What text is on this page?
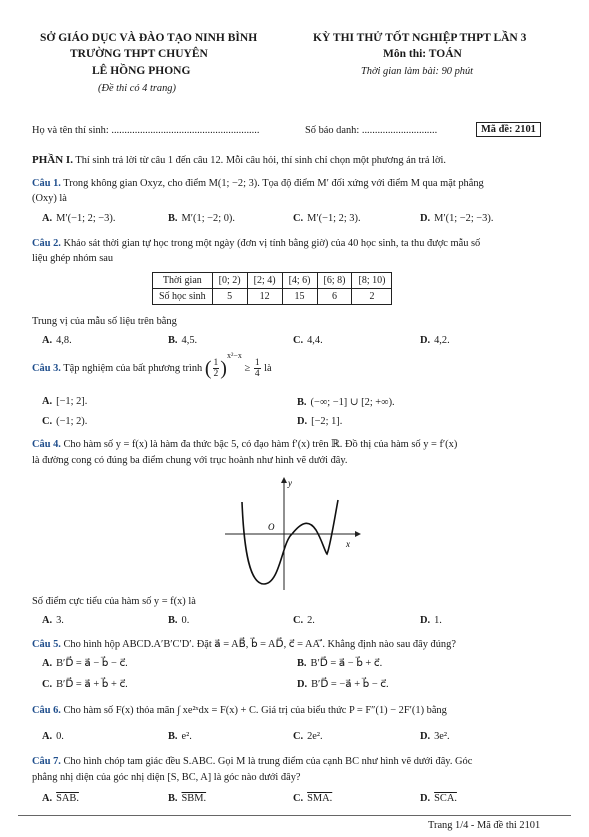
SỞ GIÁO DỤC VÀ ĐÀO TẠO NINH BÌNH
TRƯỜNG THPT CHUYÊN
LÊ HỒNG PHONG
(Đề thi có 4 trang)
KỲ THI THỬ TỐT NGHIỆP THPT LẦN 3
Môn thi: TOÁN
Thời gian làm bài: 90 phút
Họ và tên thí sinh: .........................................................	Số báo danh: .............................	Mã đề: 2101
PHẦN I. Thí sinh trả lời từ câu 1 đến câu 12. Mỗi câu hỏi, thí sinh chỉ chọn một phương án trả lời.
Câu 1. Trong không gian Oxyz, cho điểm M(1; −2; 3). Tọa độ điểm M′ đối xứng với điểm M qua mặt phẳng
(Oxy) là
A. M′(−1; 2; −3).	B. M′(1; −2; 0).	C. M′(−1; 2; 3).	D. M′(1; −2; −3).
Câu 2. Khảo sát thời gian tự học trong một ngày (đơn vị tính bằng giờ) của 40 học sinh, ta thu được mẫu số
liệu ghép nhóm sau
Thời gian	[0; 2)	[2; 4)	[4; 6)	[6; 8)	[8; 10)
Số học sinh	5	12	15	6	2
Trung vị của mẫu số liệu trên bằng
A. 4,8.	B. 4,5.	C. 4,4.	D. 4,2.
Câu 3. Tập nghiệm của bất phương trình ( $\frac{1}{2} )^{x^2-x} \ge \frac{1}{4}$ là
A. [−1; 2].	B. (−∞; −1] ∪ [2; +∞).
C. (−1; 2).	D. [−2; 1].
Câu 4. Cho hàm số y = f(x) là hàm đa thức bậc 5, có đạo hàm f′(x) trên ℝ. Đồ thị của hàm số y = f′(x)
là đường cong có đúng ba điểm chung với trục hoành như hình vẽ dưới đây.
y
x
O
Số điểm cực tiểu của hàm số y = f(x) là
A. 3.	B. 0.	C. 2.	D. 1.
Câu 5. Cho hình hộp ABCD.A′B′C′D′. Đặt a⃗ = AB⃗, b⃗ = AD⃗, c⃗ = AA′⃗. Khẳng định nào sau đây đúng?
A. B′D⃗ = a⃗ − b⃗ − c⃗.	B. B′D⃗ = a⃗ − b⃗ + c⃗.
C. B′D⃗ = a⃗ + b⃗ + c⃗.	D. B′D⃗ = −a⃗ + b⃗ − c⃗.
Câu 6. Cho hàm số F(x) thỏa mãn ∫ xe²ˣdx = F(x) + C. Giá trị của biểu thức P = F″(1) − 2F′(1) bằng
A. 0.	B. e².	C. 2e².	D. 3e².
Câu 7. Cho hình chóp tam giác đều S.ABC. Gọi M là trung điểm của cạnh BC như hình vẽ dưới đây. Góc
phẳng nhị diện của góc nhị diện [S, BC, A] là góc nào dưới đây?
A. SAB.	B. SBM.	C. SMA.	D. SCA.
Trang 1/4 - Mã đề thi 2101
